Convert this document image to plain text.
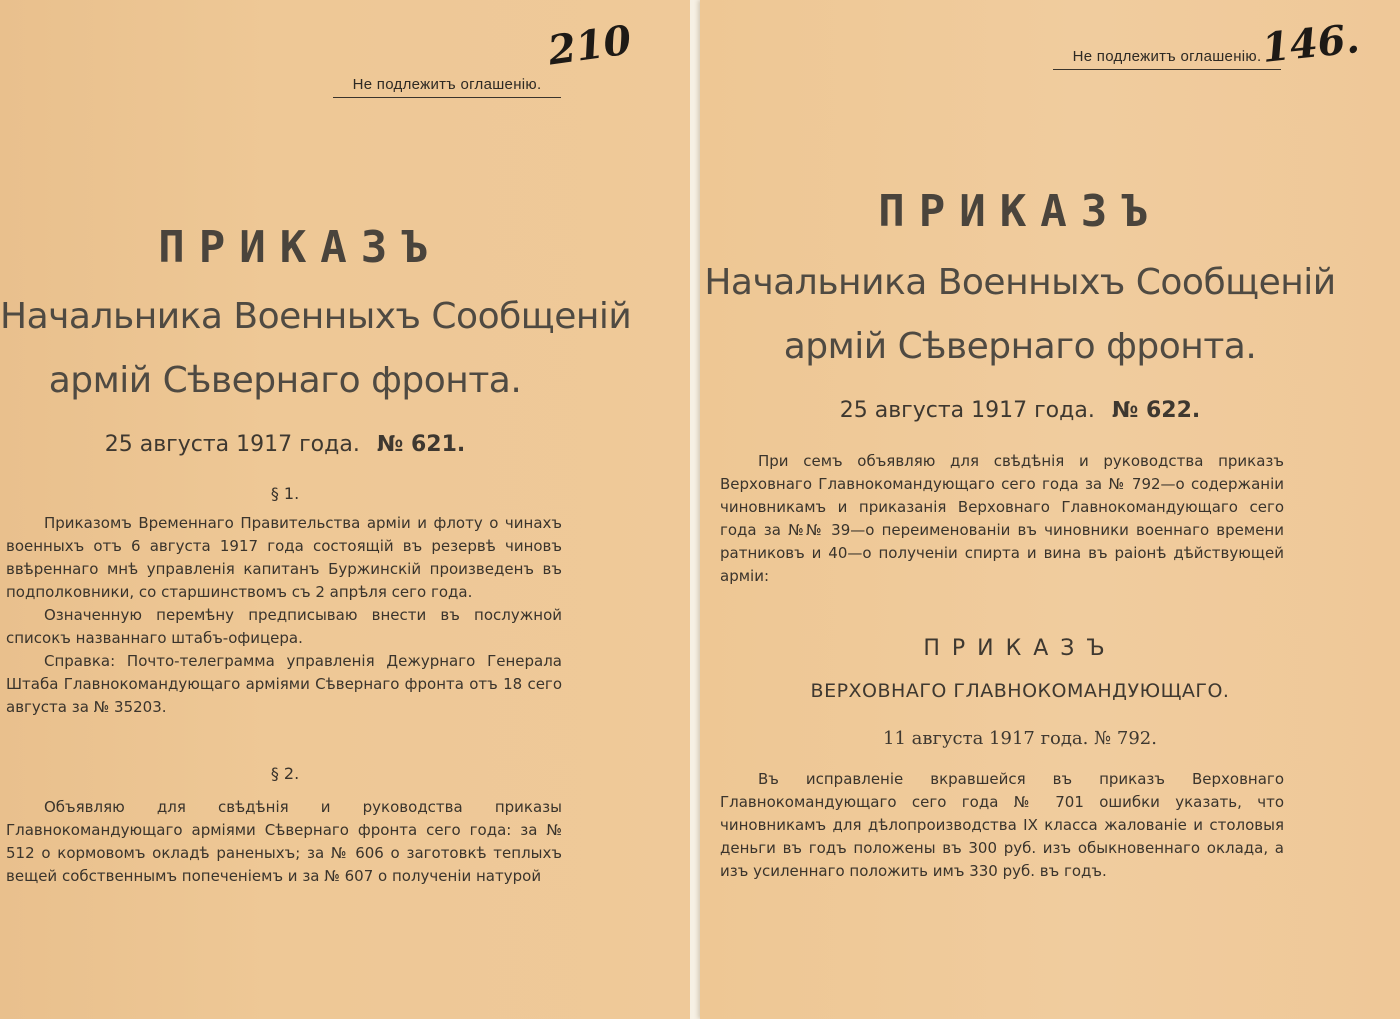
Не подлежитъ оглашенію.
210
ПРИКАЗЪ
Начальника Военныхъ Сообщеній
армій Сѣвернаго фронта.
25 августа 1917 года. № 621.
§ 1.

Приказомъ Временнаго Правительства арміи и флоту о чинахъ военныхъ отъ 6 августа 1917 года состоящій въ резервѣ чиновъ ввѣреннаго мнѣ управленія капитанъ Буржинскій произведенъ въ подполковники, со старшинствомъ съ 2 апрѣля сего года.

Означенную перемѣну предписываю внести въ послужной списокъ названнаго штабъ-офицера.

Справка: Почто-телеграмма управленія Дежурнаго Генерала Штаба Главнокомандующаго арміями Сѣвернаго фронта отъ 18 сего августа за № 35203.

§ 2.

Объявляю для свѣдѣнія и руководства приказы Главнокомандующаго арміями Сѣвернаго фронта сего года: за № 512 о кормовомъ окладѣ раненыхъ; за № 606 о заготовкѣ теплыхъ вещей собственнымъ попеченіемъ и за № 607 о полученіи натурой

Не подлежитъ оглашенію.
146.
ПРИКАЗЪ
Начальника Военныхъ Сообщеній
армій Сѣвернаго фронта.
25 августа 1917 года. № 622.

При семъ объявляю для свѣдѣнія и руководства приказъ Верховнаго Главнокомандующаго сего года за № 792—о содержаніи чиновникамъ и приказанія Верховнаго Главнокомандующаго сего года за №№ 39—о переименованіи въ чиновники военнаго времени ратниковъ и 40—о полученіи спирта и вина въ раіонѣ дѣйствующей арміи:

ПРИКАЗЪ
ВЕРХОВНАГО ГЛАВНОКОМАНДУЮЩАГО.
11 августа 1917 года. № 792.

Въ исправленіе вкравшейся въ приказъ Верховнаго Главнокомандующаго сего года № 701 ошибки указать, что чиновникамъ для дѣлопроизводства IX класса жалованіе и столовыя деньги въ годъ положены въ 300 руб. изъ обыкновеннаго оклада, а изъ усиленнаго положить имъ 330 руб. въ годъ.
